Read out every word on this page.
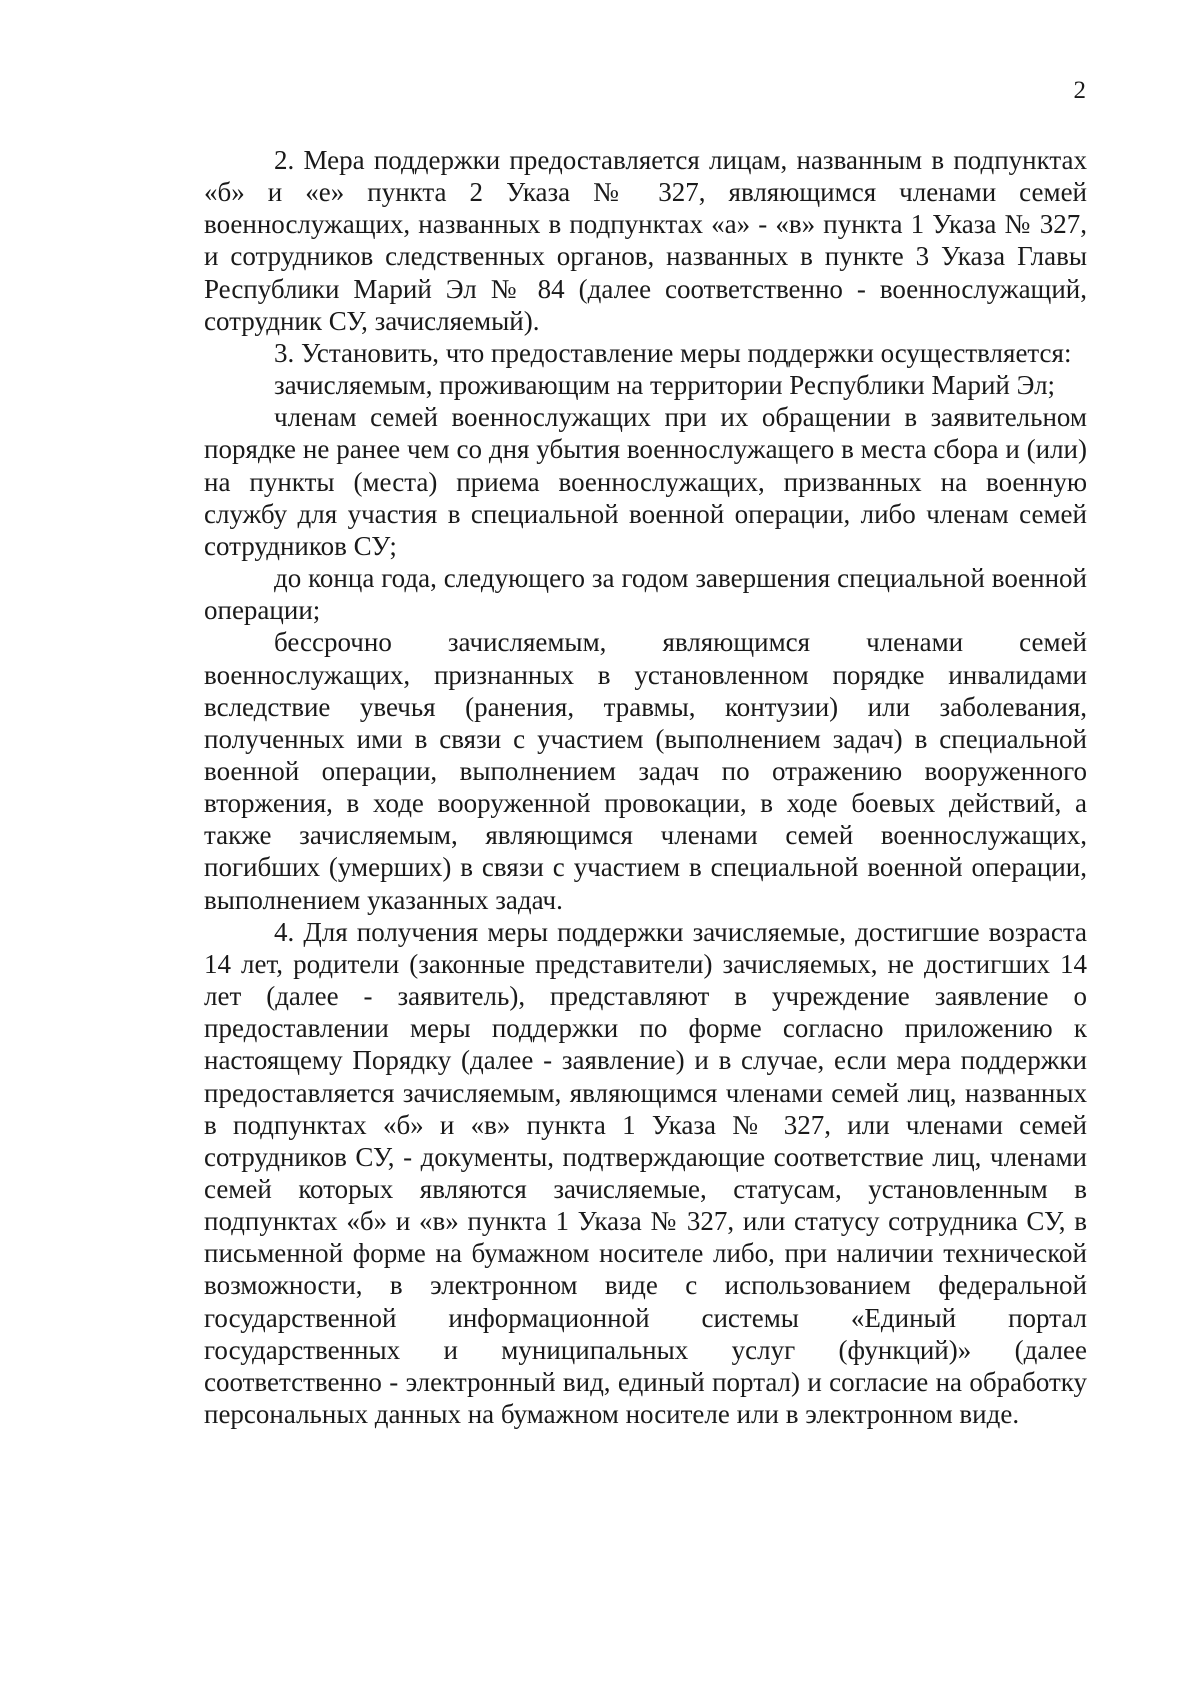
2

2. Мера поддержки предоставляется лицам, названным в подпунктах «б» и «е» пункта 2 Указа № 327, являющимся членами семей военнослужащих, названных в подпунктах «а» - «в» пункта 1 Указа № 327, и сотрудников следственных органов, названных в пункте 3 Указа Главы Республики Марий Эл № 84 (далее соответственно - военнослужащий, сотрудник СУ, зачисляемый).

3. Установить, что предоставление меры поддержки осуществляется:

зачисляемым, проживающим на территории Республики Марий Эл;

членам семей военнослужащих при их обращении в заявительном порядке не ранее чем со дня убытия военнослужащего в места сбора и (или) на пункты (места) приема военнослужащих, призванных на военную службу для участия в специальной военной операции, либо членам семей сотрудников СУ;

до конца года, следующего за годом завершения специальной военной операции;

бессрочно зачисляемым, являющимся членами семей военнослужащих, признанных в установленном порядке инвалидами вследствие увечья (ранения, травмы, контузии) или заболевания, полученных ими в связи с участием (выполнением задач) в специальной военной операции, выполнением задач по отражению вооруженного вторжения, в ходе вооруженной провокации, в ходе боевых действий, а также зачисляемым, являющимся членами семей военнослужащих, погибших (умерших) в связи с участием в специальной военной операции, выполнением указанных задач.

4. Для получения меры поддержки зачисляемые, достигшие возраста 14 лет, родители (законные представители) зачисляемых, не достигших 14 лет (далее - заявитель), представляют в учреждение заявление о предоставлении меры поддержки по форме согласно приложению к настоящему Порядку (далее - заявление) и в случае, если мера поддержки предоставляется зачисляемым, являющимся членами семей лиц, названных в подпунктах «б» и «в» пункта 1 Указа № 327, или членами семей сотрудников СУ, - документы, подтверждающие соответствие лиц, членами семей которых являются зачисляемые, статусам, установленным в подпунктах «б» и «в» пункта 1 Указа № 327, или статусу сотрудника СУ, в письменной форме на бумажном носителе либо, при наличии технической возможности, в электронном виде с использованием федеральной государственной информационной системы «Единый портал государственных и муниципальных услуг (функций)» (далее соответственно - электронный вид, единый портал) и согласие на обработку персональных данных на бумажном носителе или в электронном виде.
